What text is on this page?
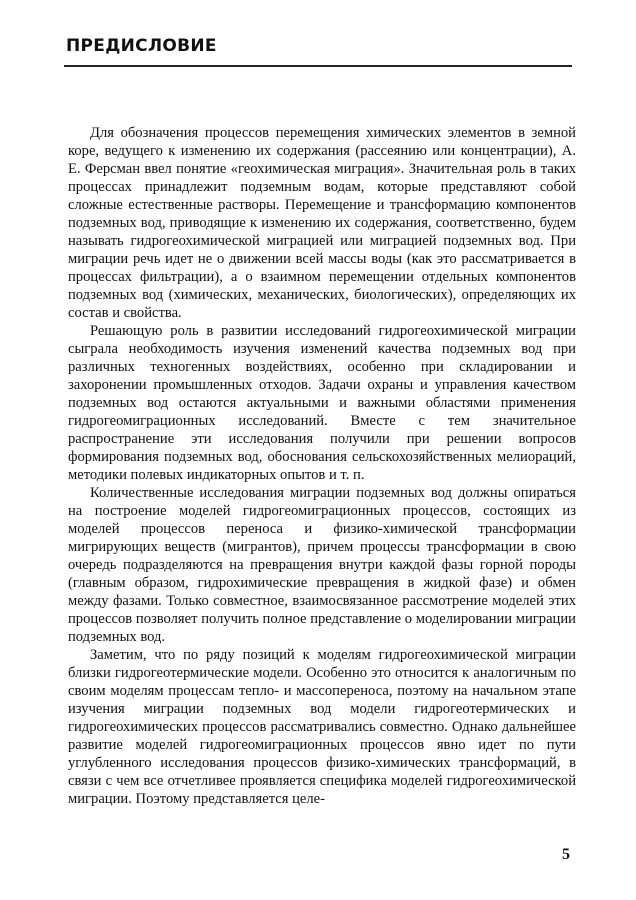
ПРЕДИСЛОВИЕ

Для обозначения процессов перемещения химических элементов в земной коре, ведущего к изменению их содержания (рассеянию или концентрации), А. Е. Ферсман ввел понятие «геохимическая миграция». Значительная роль в таких процессах принадлежит подземным водам, которые представляют собой сложные естественные растворы. Перемещение и трансформацию компонентов подземных вод, приводящие к изменению их содержания, соответственно, будем называть гидрогеохимической миграцией или миграцией подземных вод. При миграции речь идет не о движении всей массы воды (как это рассматривается в процессах фильтрации), а о взаимном перемещении отдельных компонентов подземных вод (химических, механических, биологических), определяющих их состав и свойства.

Решающую роль в развитии исследований гидрогеохимической миграции сыграла необходимость изучения изменений качества подземных вод при различных техногенных воздействиях, особенно при складировании и захоронении промышленных отходов. Задачи охраны и управления качеством подземных вод остаются актуальными и важными областями применения гидрогеомиграционных исследований. Вместе с тем значительное распространение эти исследования получили при решении вопросов формирования подземных вод, обоснования сельскохозяйственных мелиораций, методики полевых индикаторных опытов и т. п.

Количественные исследования миграции подземных вод должны опираться на построение моделей гидрогеомиграционных процессов, состоящих из моделей процессов переноса и физико-химической трансформации мигрирующих веществ (мигрантов), причем процессы трансформации в свою очередь подразделяются на превращения внутри каждой фазы горной породы (главным образом, гидрохимические превращения в жидкой фазе) и обмен между фазами. Только совместное, взаимосвязанное рассмотрение моделей этих процессов позволяет получить полное представление о моделировании миграции подземных вод.

Заметим, что по ряду позиций к моделям гидрогеохимической миграции близки гидрогеотермические модели. Особенно это относится к аналогичным по своим моделям процессам тепло- и массопереноса, поэтому на начальном этапе изучения миграции подземных вод модели гидрогеотермических и гидрогеохимических процессов рассматривались совместно. Однако дальнейшее развитие моделей гидрогеомиграционных процессов явно идет по пути углубленного исследования процессов физико-химических трансформаций, в связи с чем все отчетливее проявляется специфика моделей гидрогеохимической миграции. Поэтому представляется целе-

5
